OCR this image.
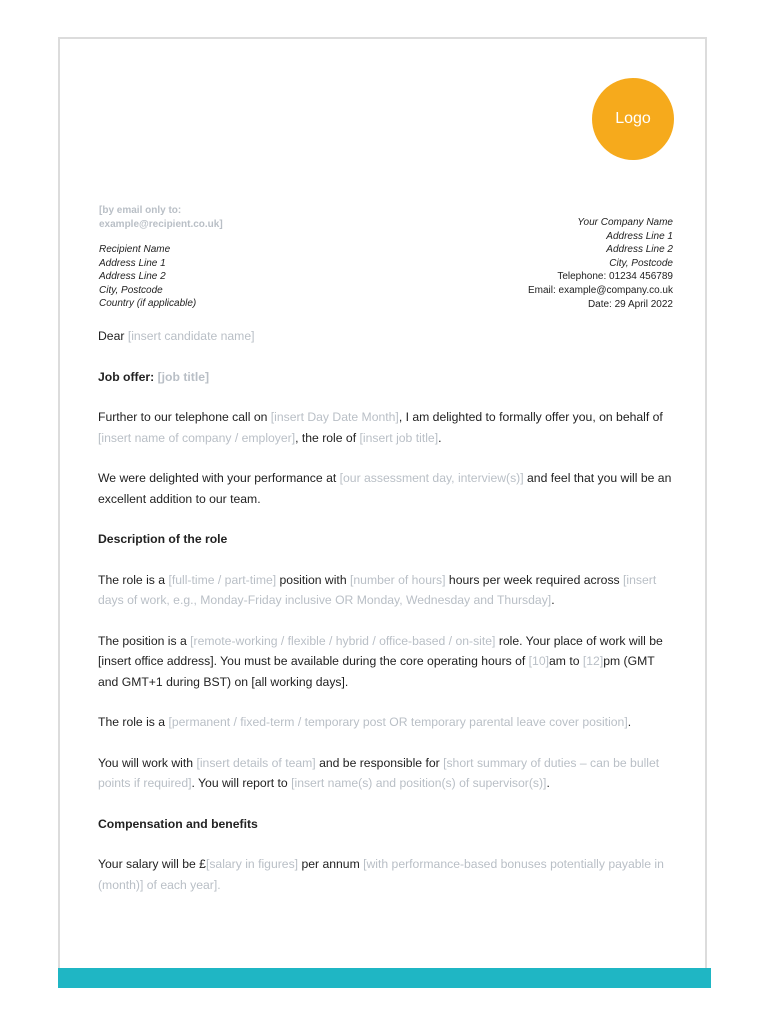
Logo
[by email only to:
example@recipient.co.uk]
Recipient Name
Address Line 1
Address Line 2
City, Postcode
Country (if applicable)
Your Company Name
Address Line 1
Address Line 2
City, Postcode
Telephone: 01234 456789
Email: example@company.co.uk
Date: 29 April 2022

Dear [insert candidate name]

Job offer: [job title]

Further to our telephone call on [insert Day Date Month], I am delighted to formally offer you, on behalf of [insert name of company / employer], the role of [insert job title].

We were delighted with your performance at [our assessment day, interview(s)] and feel that you will be an excellent addition to our team.

Description of the role

The role is a [full-time / part-time] position with [number of hours] hours per week required across [insert days of work, e.g., Monday-Friday inclusive OR Monday, Wednesday and Thursday].

The position is a [remote-working / flexible / hybrid / office-based / on-site] role. Your place of work will be [insert office address]. You must be available during the core operating hours of [10]am to [12]pm (GMT and GMT+1 during BST) on [all working days].

The role is a [permanent / fixed-term / temporary post OR temporary parental leave cover position].

You will work with [insert details of team] and be responsible for [short summary of duties – can be bullet points if required]. You will report to [insert name(s) and position(s) of supervisor(s)].

Compensation and benefits

Your salary will be £[salary in figures] per annum [with performance-based bonuses potentially payable in (month)] of each year].
